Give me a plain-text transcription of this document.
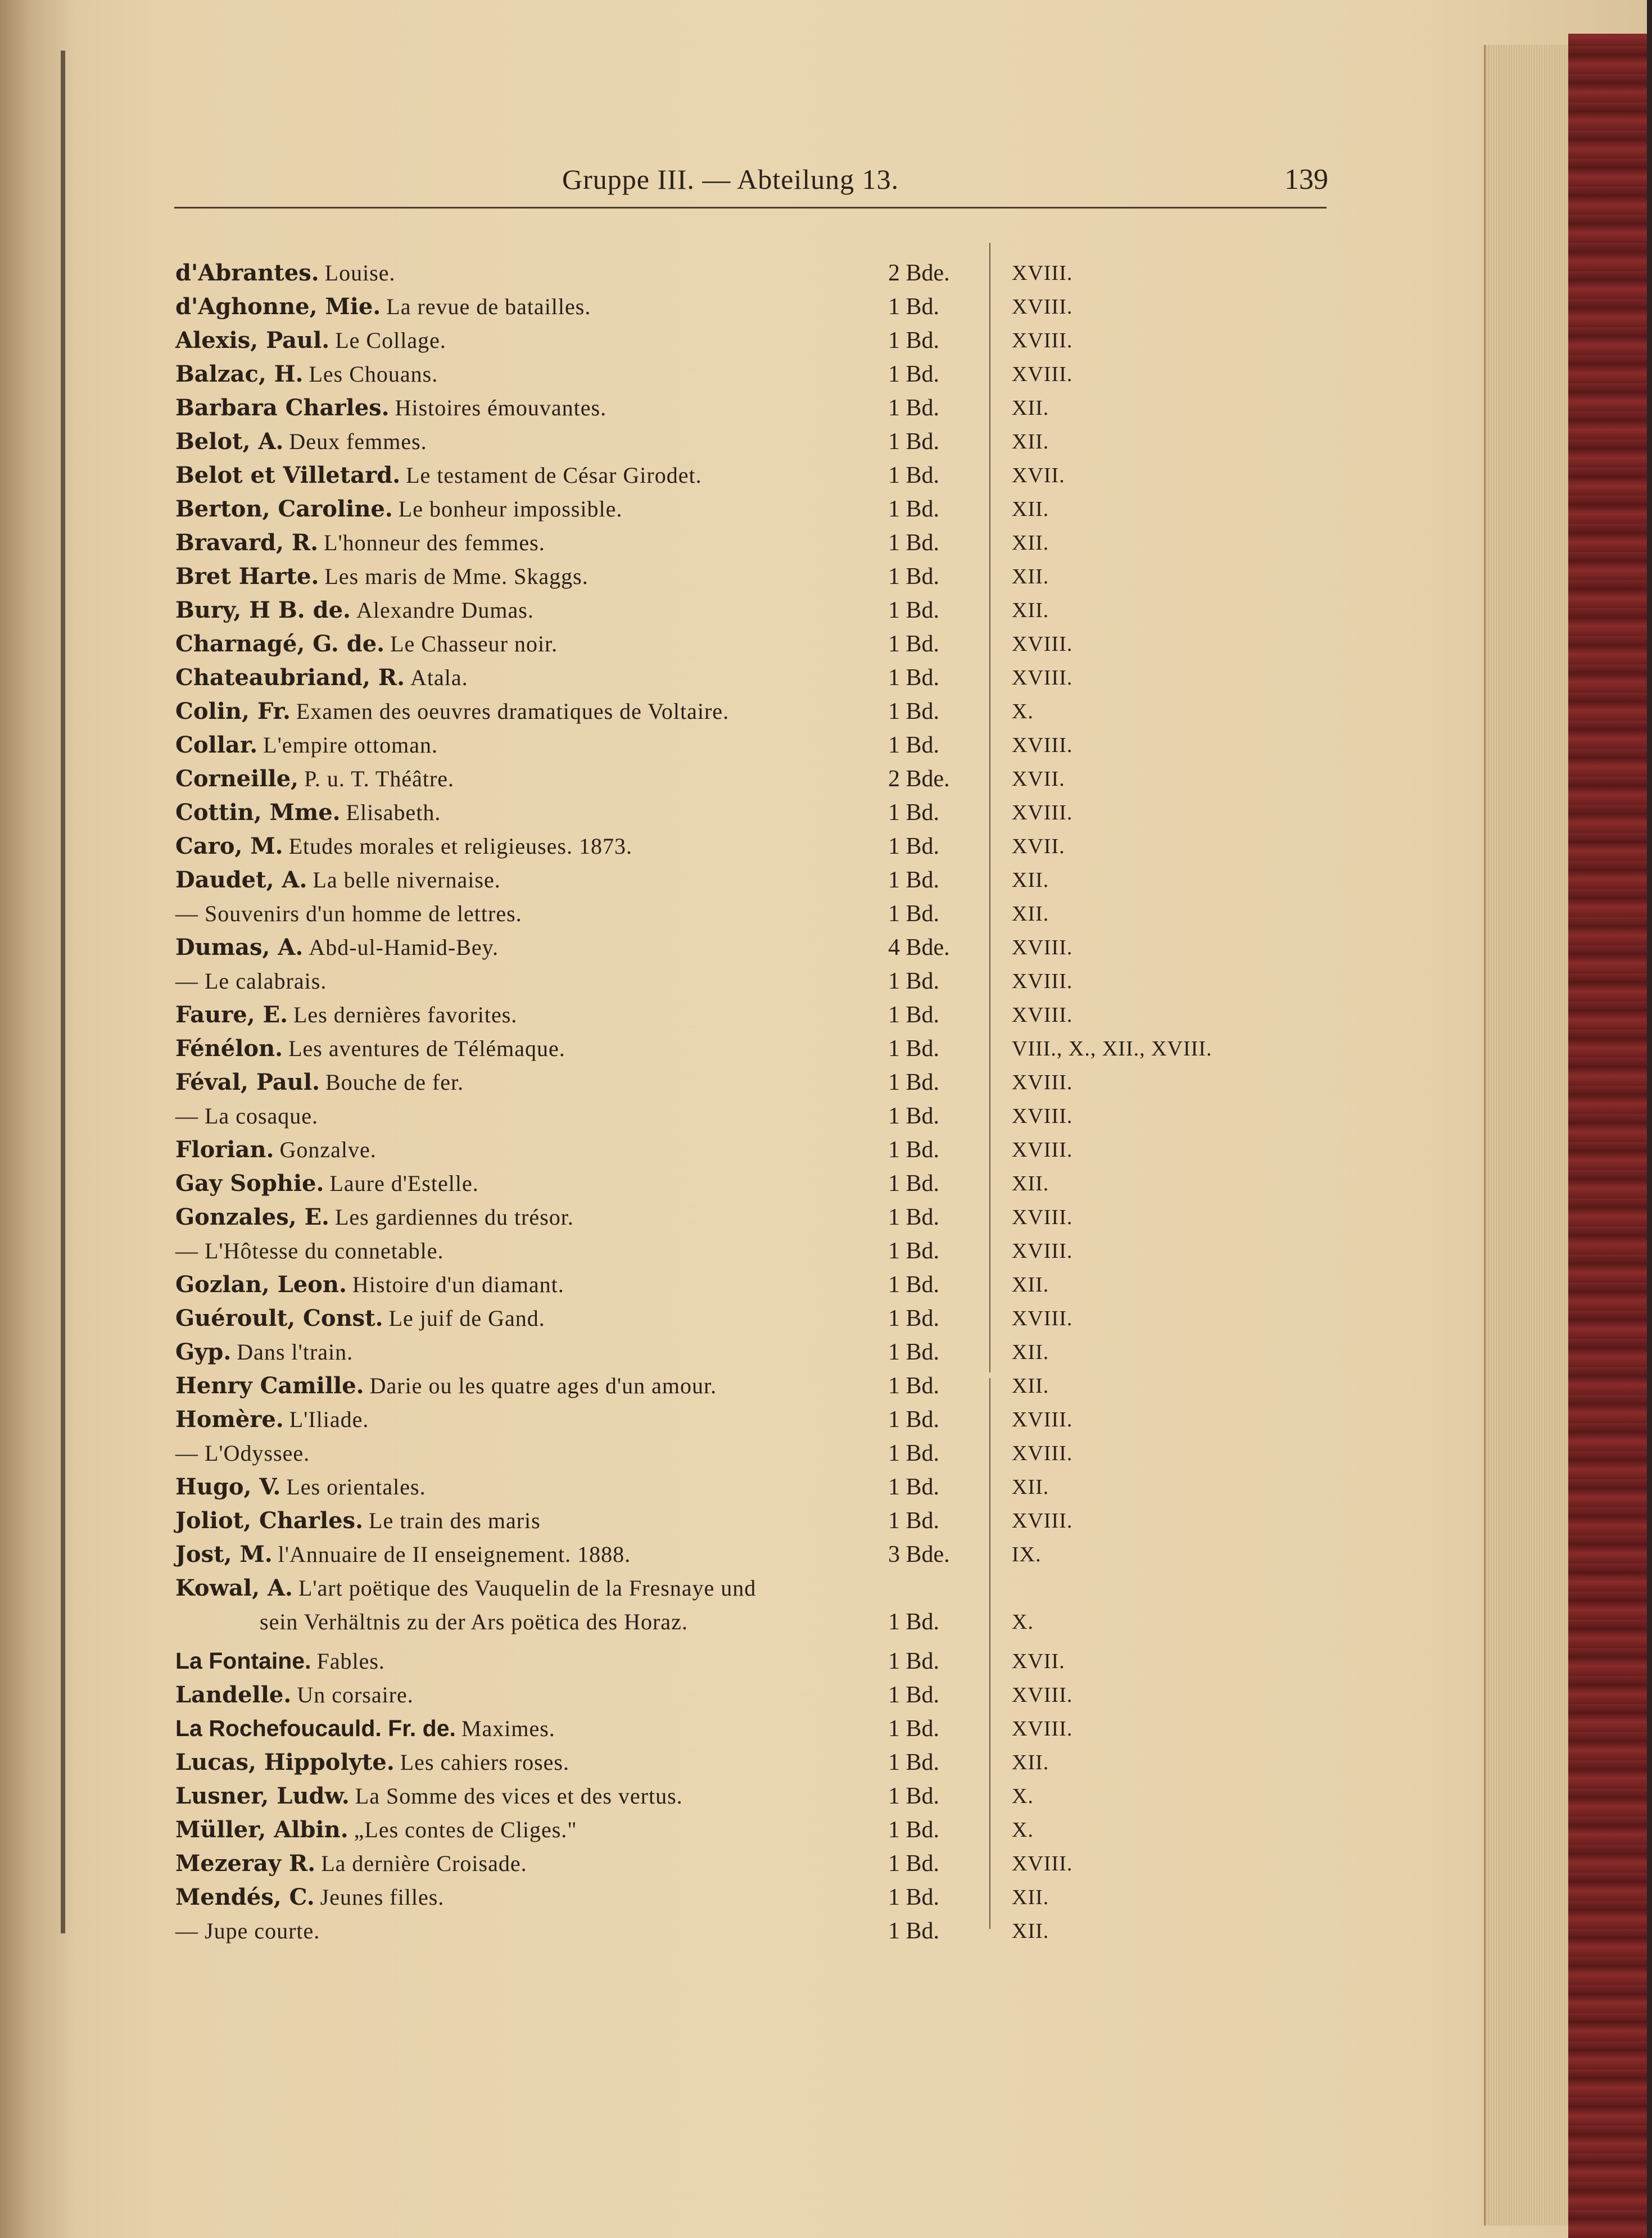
Gruppe III. — Abteilung 13.	139
d'Abrantes. Louise.	2 Bde.	XVIII.
d'Aghonne, Mie. La revue de batailles.	1 Bd.	XVIII.
Alexis, Paul. Le Collage.	1 Bd.	XVIII.
Balzac, H. Les Chouans.	1 Bd.	XVIII.
Barbara Charles. Histoires émouvantes.	1 Bd.	XII.
Belot, A. Deux femmes.	1 Bd.	XII.
Belot et Villetard. Le testament de César Girodet.	1 Bd.	XVII.
Berton, Caroline. Le bonheur impossible.	1 Bd.	XII.
Bravard, R. L'honneur des femmes.	1 Bd.	XII.
Bret Harte. Les maris de Mme. Skaggs.	1 Bd.	XII.
Bury, H B. de. Alexandre Dumas.	1 Bd.	XII.
Charnagé, G. de. Le Chasseur noir.	1 Bd.	XVIII.
Chateaubriand, R. Atala.	1 Bd.	XVIII.
Colin, Fr. Examen des oeuvres dramatiques de Voltaire.	1 Bd.	X.
Collar. L'empire ottoman.	1 Bd.	XVIII.
Corneille, P. u. T. Théâtre.	2 Bde.	XVII.
Cottin, Mme. Elisabeth.	1 Bd.	XVIII.
Caro, M. Etudes morales et religieuses. 1873.	1 Bd.	XVII.
Daudet, A. La belle nivernaise.	1 Bd.	XII.
— Souvenirs d'un homme de lettres.	1 Bd.	XII.
Dumas, A. Abd-ul-Hamid-Bey.	4 Bde.	XVIII.
— Le calabrais.	1 Bd.	XVIII.
Faure, E. Les dernières favorites.	1 Bd.	XVIII.
Fénélon. Les aventures de Télémaque.	1 Bd.	VIII., X., XII., XVIII.
Féval, Paul. Bouche de fer.	1 Bd.	XVIII.
— La cosaque.	1 Bd.	XVIII.
Florian. Gonzalve.	1 Bd.	XVIII.
Gay Sophie. Laure d'Estelle.	1 Bd.	XII.
Gonzales, E. Les gardiennes du trésor.	1 Bd.	XVIII.
— L'Hôtesse du connetable.	1 Bd.	XVIII.
Gozlan, Leon. Histoire d'un diamant.	1 Bd.	XII.
Guéroult, Const. Le juif de Gand.	1 Bd.	XVIII.
Gyp. Dans l'train.	1 Bd.	XII.
Henry Camille. Darie ou les quatre ages d'un amour.	1 Bd.	XII.
Homère. L'Iliade.	1 Bd.	XVIII.
— L'Odyssee.	1 Bd.	XVIII.
Hugo, V. Les orientales.	1 Bd.	XII.
Joliot, Charles. Le train des maris	1 Bd.	XVIII.
Jost, M. l'Annuaire de II enseignement. 1888.	3 Bde.	IX.
Kowal, A. L'art poëtique des Vauquelin de la Fresnaye und
sein Verhältnis zu der Ars poëtica des Horaz.	1 Bd.	X.
La Fontaine. Fables.	1 Bd.	XVII.
Landelle. Un corsaire.	1 Bd.	XVIII.
La Rochefoucauld. Fr. de. Maximes.	1 Bd.	XVIII.
Lucas, Hippolyte. Les cahiers roses.	1 Bd.	XII.
Lusner, Ludw. La Somme des vices et des vertus.	1 Bd.	X.
Müller, Albin. „Les contes de Cliges."	1 Bd.	X.
Mezeray R. La dernière Croisade.	1 Bd.	XVIII.
Mendés, C. Jeunes filles.	1 Bd.	XII.
— Jupe courte.	1 Bd.	XII.
